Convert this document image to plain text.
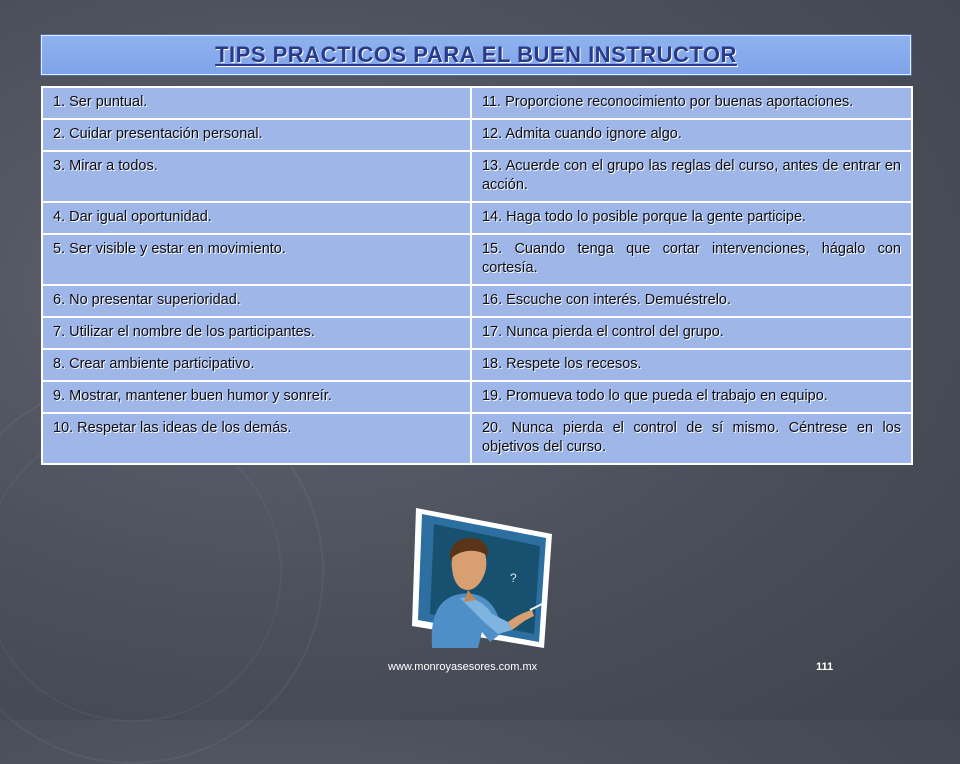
TIPS PRACTICOS PARA EL BUEN INSTRUCTOR
1. Ser puntual.	11. Proporcione reconocimiento por buenas aportaciones.
2. Cuidar presentación personal.	12. Admita cuando ignore algo.
3. Mirar a todos.	13. Acuerde con el grupo las reglas del curso, antes de entrar en acción.
4. Dar igual oportunidad.	14. Haga todo lo posible porque la gente participe.
5. Ser visible y estar en movimiento.	15. Cuando tenga que cortar intervenciones, hágalo con cortesía.
6. No presentar superioridad.	16. Escuche con interés. Demuéstrelo.
7. Utilizar el nombre de los participantes.	17. Nunca pierda el control del grupo.
8. Crear ambiente participativo.	18. Respete los recesos.
9. Mostrar, mantener buen humor y sonreír.	19. Promueva todo lo que pueda el trabajo en equipo.
10. Respetar las ideas de los demás.	20. Nunca pierda el control de sí mismo. Céntrese en los objetivos del curso.
?
www.monroyasesores.com.mx	111
